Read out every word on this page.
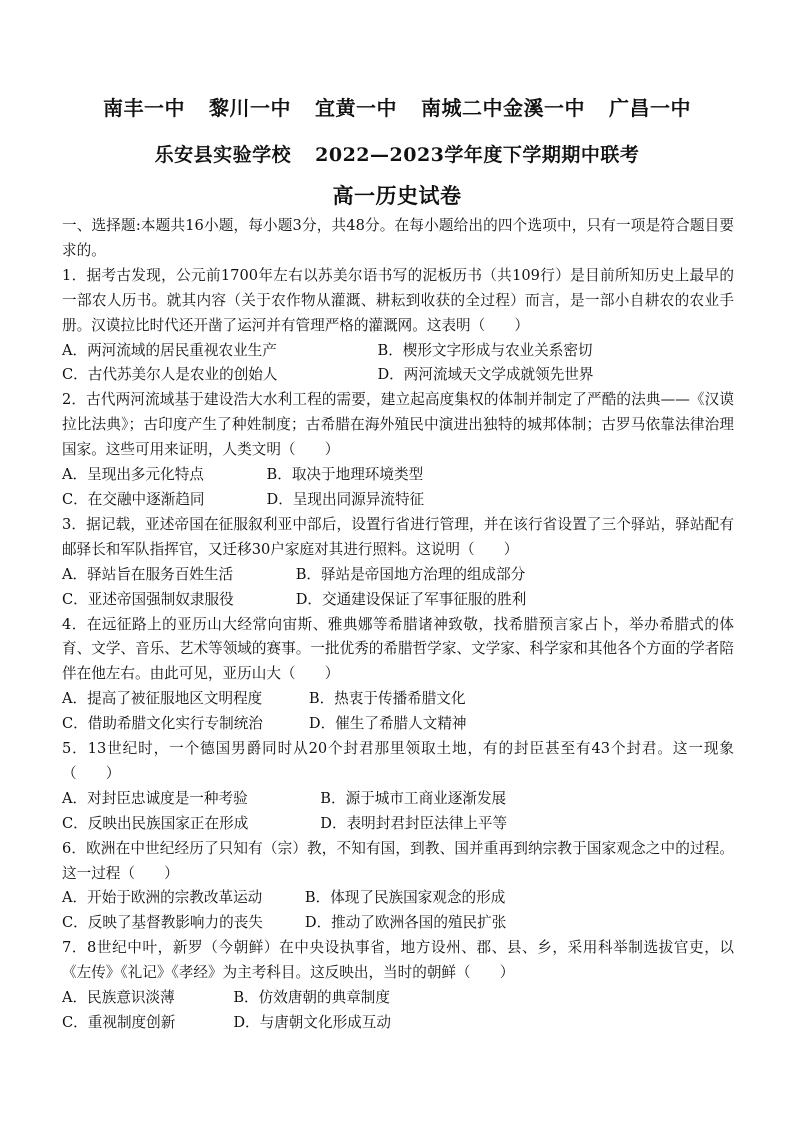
南丰一中 黎川一中 宜黄一中 南城二中金溪一中 广昌一中
乐安县实验学校 2022—2023学年度下学期期中联考
高一历史试卷
一、选择题:本题共16小题，每小题3分，共48分。在每小题给出的四个选项中，只有一项是符合题目要求的。
1．据考古发现，公元前1700年左右以苏美尔语书写的泥板历书（共109行）是目前所知历史上最早的一部农人历书。就其内容（关于农作物从灌溉、耕耘到收获的全过程）而言，是一部小自耕农的农业手册。汉谟拉比时代还开凿了运河并有管理严格的灌溉网。这表明（　　）
A．两河流域的居民重视农业生产	B．楔形文字形成与农业关系密切
C．古代苏美尔人是农业的创始人	D．两河流域天文学成就领先世界
2．古代两河流域基于建设浩大水利工程的需要，建立起高度集权的体制并制定了严酷的法典——《汉谟拉比法典》；古印度产生了种姓制度；古希腊在海外殖民中演进出独特的城邦体制；古罗马依靠法律治理国家。这些可用来证明，人类文明（　　）
A．呈现出多元化特点	B．取决于地理环境类型
C．在交融中逐渐趋同	D．呈现出同源异流特征
3．据记载，亚述帝国在征服叙利亚中部后，设置行省进行管理，并在该行省设置了三个驿站，驿站配有邮驿长和军队指挥官，又迁移30户家庭对其进行照料。这说明（　　）
A．驿站旨在服务百姓生活	B．驿站是帝国地方治理的组成部分
C．亚述帝国强制奴隶服役	D．交通建设保证了军事征服的胜利
4．在远征路上的亚历山大经常向宙斯、雅典娜等希腊诸神致敬，找希腊预言家占卜，举办希腊式的体育、文学、音乐、艺术等领域的赛事。一批优秀的希腊哲学家、文学家、科学家和其他各个方面的学者陪伴在他左右。由此可见，亚历山大（　　）
A．提高了被征服地区文明程度	B．热衷于传播希腊文化
C．借助希腊文化实行专制统治	D．催生了希腊人文精神
5．13世纪时，一个德国男爵同时从20个封君那里领取土地，有的封臣甚至有43个封君。这一现象（　　）
A．对封臣忠诚度是一种考验	B．源于城市工商业逐渐发展
C．反映出民族国家正在形成	D．表明封君封臣法律上平等
6．欧洲在中世纪经历了只知有（宗）教，不知有国，到教、国并重再到纳宗教于国家观念之中的过程。这一过程（　　）
A．开始于欧洲的宗教改革运动	B．体现了民族国家观念的形成
C．反映了基督教影响力的丧失	D．推动了欧洲各国的殖民扩张
7．8世纪中叶，新罗（今朝鲜）在中央设执事省，地方设州、郡、县、乡，采用科举制选拔官吏，以《左传》《礼记》《孝经》为主考科目。这反映出，当时的朝鲜（　　）
A．民族意识淡薄	B．仿效唐朝的典章制度
C．重视制度创新	D．与唐朝文化形成互动
